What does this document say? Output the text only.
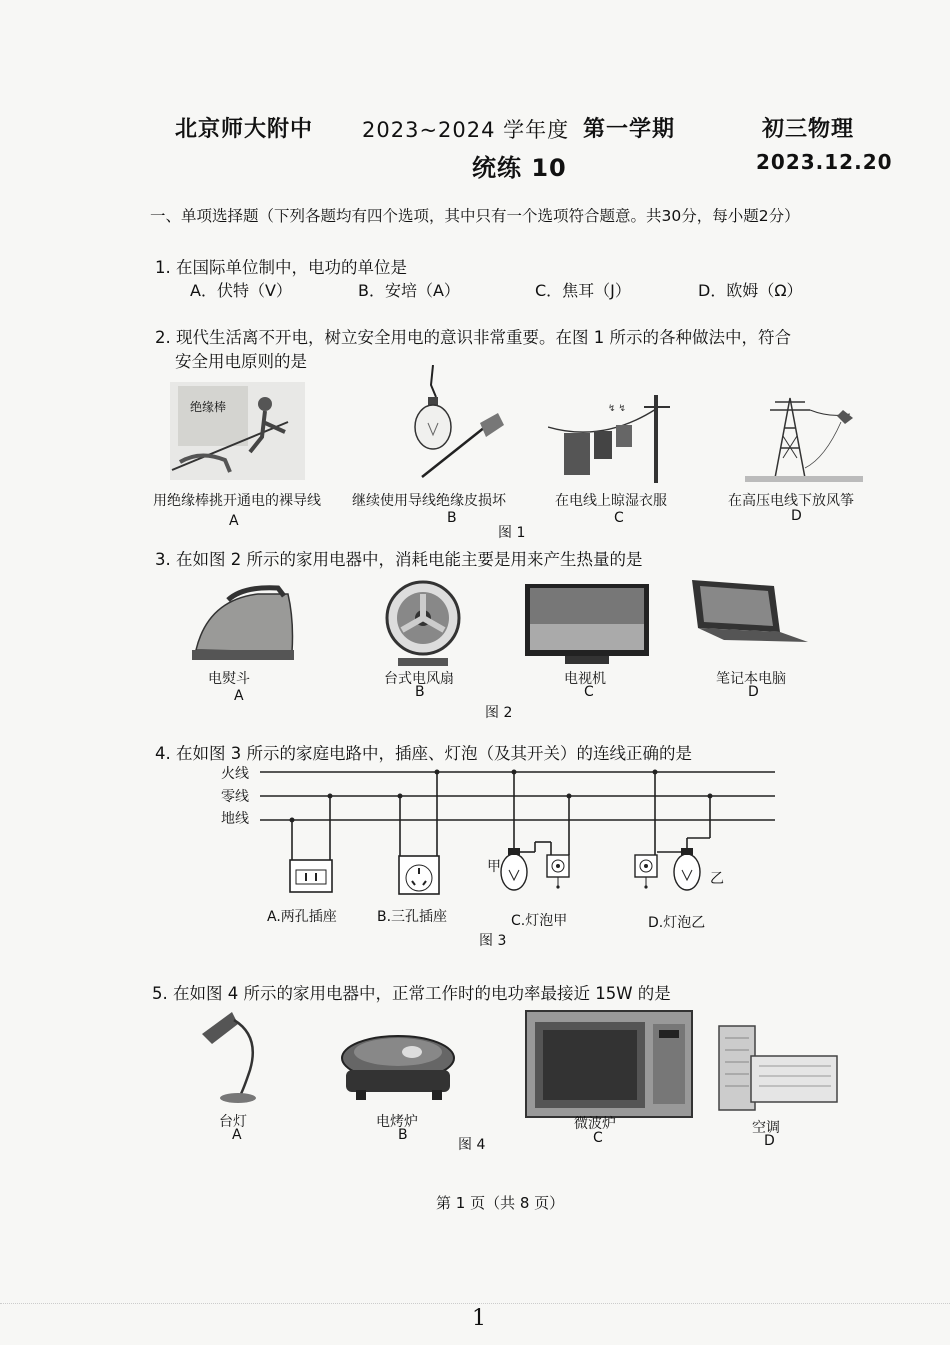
北京师大附中 2023~2024 学年度 第一学期	初三物理
统练 10	2023.12.20
一、单项选择题（下列各题均有四个选项，其中只有一个选项符合题意。共30分，每小题2分）
1. 在国际单位制中，电功的单位是
A．伏特（V）	B．安培（A）	C．焦耳（J）	D．欧姆（Ω）
2. 现代生活离不开电，树立安全用电的意识非常重要。在图 1 所示的各种做法中，符合
安全用电原则的是
绝缘棒	↯ ↯
用绝缘棒挑开通电的裸导线 继续使用导线绝缘皮损坏	在电线上晾湿衣服	在高压电线下放风筝
A	B	C	D
图 1
3. 在如图 2 所示的家用电器中，消耗电能主要是用来产生热量的是
电熨斗	台式电风扇	电视机	笔记本电脑
A	B	C	D
图 2
4. 在如图 3 所示的家庭电路中，插座、灯泡（及其开关）的连线正确的是
火线
零线
地线
甲
乙
A.两孔插座	B.三孔插座	C.灯泡甲	D.灯泡乙
图 3
5. 在如图 4 所示的家用电器中，正常工作时的电功率最接近 15W 的是
台灯	电烤炉	微波炉	空调
A	B	C	D
图 4
第 1 页（共 8 页）
1
